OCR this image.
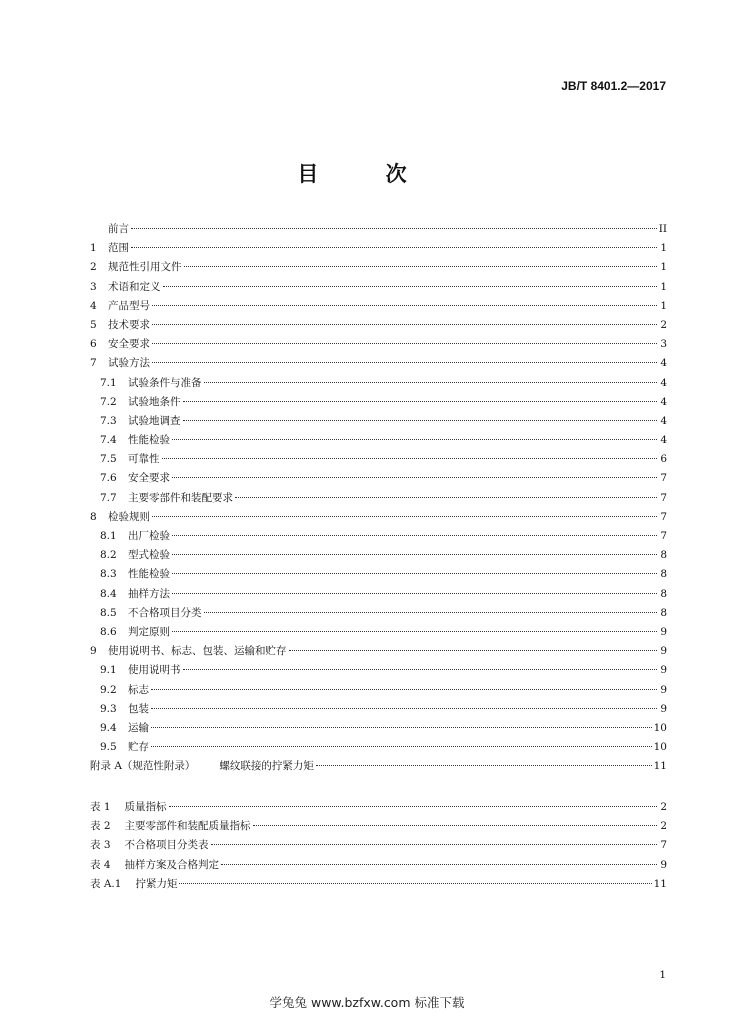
JB/T 8401.2—2017
目 次
前言	II
1	范围	1
2	规范性引用文件	1
3	术语和定义	1
4	产品型号	1
5	技术要求	2
6	安全要求	3
7	试验方法	4
7.1	试验条件与准备	4
7.2	试验地条件	4
7.3	试验地调查	4
7.4	性能检验	4
7.5	可靠性	6
7.6	安全要求	7
7.7	主要零部件和装配要求	7
8	检验规则	7
8.1	出厂检验	7
8.2	型式检验	8
8.3	性能检验	8
8.4	抽样方法	8
8.5	不合格项目分类	8
8.6	判定原则	9
9	使用说明书、标志、包装、运输和贮存	9
9.1	使用说明书	9
9.2	标志	9
9.3	包装	9
9.4	运输	10
9.5	贮存	10
附录 A（规范性附录） 螺纹联接的拧紧力矩	11
表 1 质量指标	2
表 2 主要零部件和装配质量指标	2
表 3 不合格项目分类表	7
表 4 抽样方案及合格判定	9
表 A.1 拧紧力矩	11
1
学兔兔 www.bzfxw.com 标准下载
